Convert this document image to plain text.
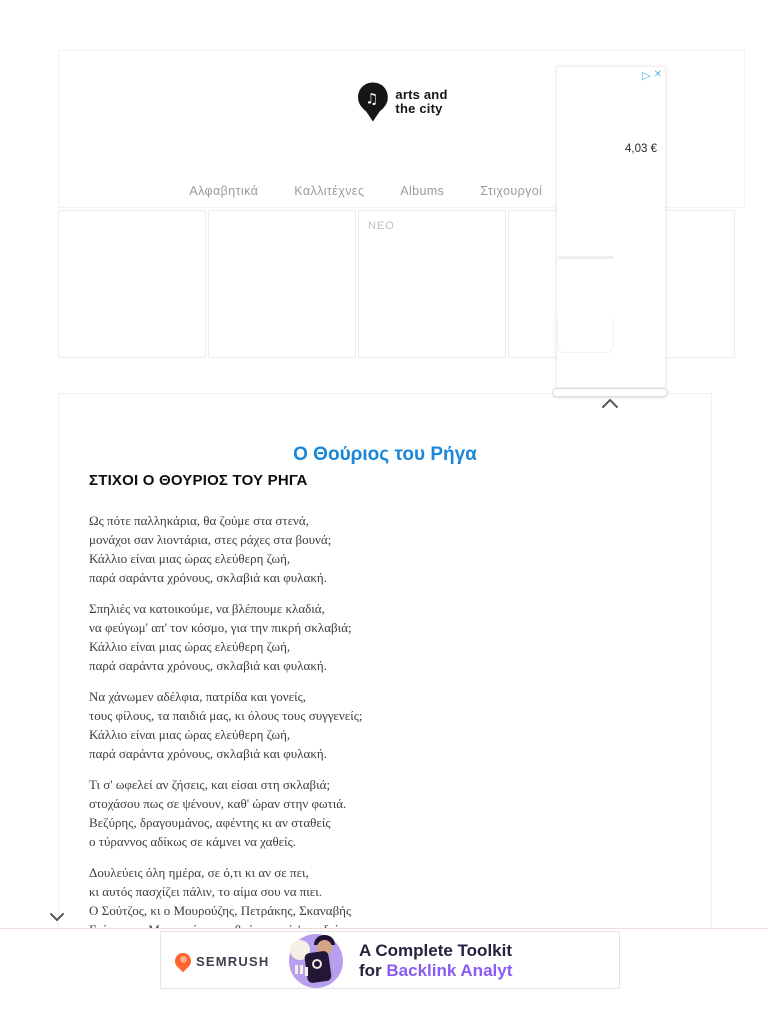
♫ arts and
the city
Αλφαβητικά	Καλλιτέχνες	Albums	Στιχουργοί
ΝΕΟ
Ο Θούριος του Ρήγα
ΣΤΙΧΟΙ Ο ΘΟΥΡΙΟΣ ΤΟΥ ΡΗΓΑ

Ως πότε παλληκάρια, θα ζούμε στα στενά,

μονάχοι σαν λιοντάρια, στες ράχες στα βουνά;

Κάλλιο είναι μιας ώρας ελεύθερη ζωή,

παρά σαράντα χρόνους, σκλαβιά και φυλακή.

Σπηλιές να κατοικούμε, να βλέπουμε κλαδιά,

να φεύγωμ' απ' τον κόσμο, για την πικρή σκλαβιά;

Κάλλιο είναι μιας ώρας ελεύθερη ζωή,

παρά σαράντα χρόνους, σκλαβιά και φυλακή.

Να χάνωμεν αδέλφια, πατρίδα και γονείς,

τους φίλους, τα παιδιά μας, κι όλους τους συγγενείς;

Κάλλιο είναι μιας ώρας ελεύθερη ζωή,

παρά σαράντα χρόνους, σκλαβιά και φυλακή.

Τι σ' ωφελεί αν ζήσεις, και είσαι στη σκλαβιά;

στοχάσου πως σε ψένουν, καθ' ώραν στην φωτιά.

Βεζύρης, δραγουμάνος, αφέντης κι αν σταθείς

ο τύραννος αδίκως σε κάμνει να χαθείς.

Δουλεύεις όλη ημέρα, σε ό,τι κι αν σε πει,

κι αυτός πασχίζει πάλιν, το αίμα σου να πιει.

Ο Σούτζος, κι ο Μουρούζης, Πετράκης, Σκαναβής

▷ ✕
4,03 €
SEMRUSH
A Complete Toolkit
for Backlink Analyt
